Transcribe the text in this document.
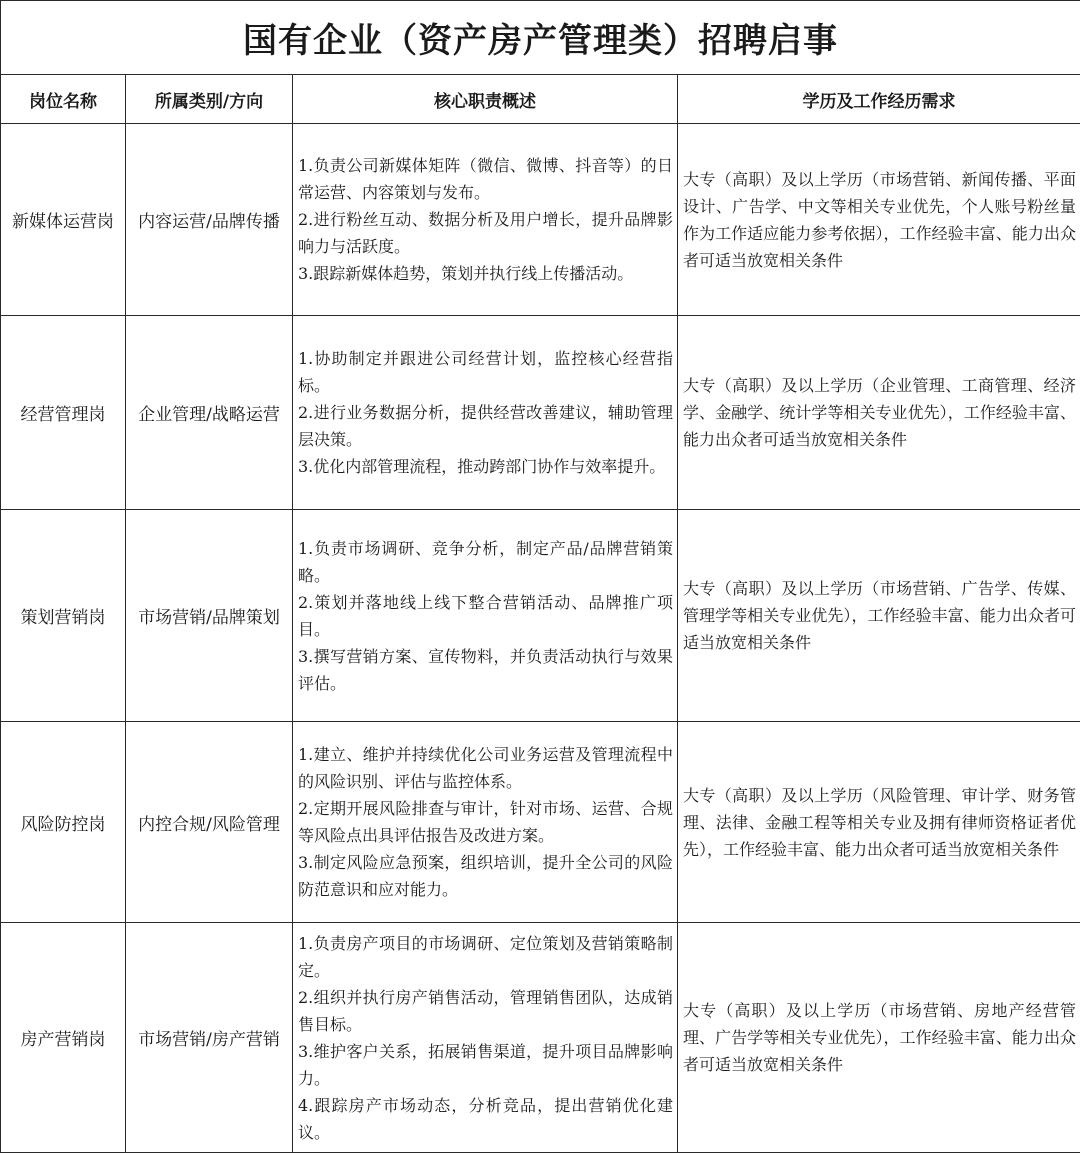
国有企业（资产房产管理类）招聘启事			
岗位名称	所属类别/方向	核心职责概述	学历及工作经历需求
新媒体运营岗	内容运营/品牌传播	1.负责公司新媒体矩阵（微信、微博、抖音等）的日常运营、内容策划与发布。
2.进行粉丝互动、数据分析及用户增长，提升品牌影响力与活跃度。
3.跟踪新媒体趋势，策划并执行线上传播活动。	大专（高职）及以上学历（市场营销、新闻传播、平面设计、广告学、中文等相关专业优先，个人账号粉丝量作为工作适应能力参考依据），工作经验丰富、能力出众者可适当放宽相关条件
经营管理岗	企业管理/战略运营	1.协助制定并跟进公司经营计划，监控核心经营指标。
2.进行业务数据分析，提供经营改善建议，辅助管理层决策。
3.优化内部管理流程，推动跨部门协作与效率提升。	大专（高职）及以上学历（企业管理、工商管理、经济学、金融学、统计学等相关专业优先），工作经验丰富、能力出众者可适当放宽相关条件
策划营销岗	市场营销/品牌策划	1.负责市场调研、竞争分析，制定产品/品牌营销策略。
2.策划并落地线上线下整合营销活动、品牌推广项目。
3.撰写营销方案、宣传物料，并负责活动执行与效果评估。	大专（高职）及以上学历（市场营销、广告学、传媒、管理学等相关专业优先），工作经验丰富、能力出众者可适当放宽相关条件
风险防控岗	内控合规/风险管理	1.建立、维护并持续优化公司业务运营及管理流程中的风险识别、评估与监控体系。
2.定期开展风险排查与审计，针对市场、运营、合规等风险点出具评估报告及改进方案。
3.制定风险应急预案，组织培训，提升全公司的风险防范意识和应对能力。	大专（高职）及以上学历（风险管理、审计学、财务管理、法律、金融工程等相关专业及拥有律师资格证者优先），工作经验丰富、能力出众者可适当放宽相关条件
房产营销岗	市场营销/房产营销	1.负责房产项目的市场调研、定位策划及营销策略制定。
2.组织并执行房产销售活动，管理销售团队，达成销售目标。
3.维护客户关系，拓展销售渠道，提升项目品牌影响力。
4.跟踪房产市场动态，分析竞品，提出营销优化建议。	大专（高职）及以上学历（市场营销、房地产经营管理、广告学等相关专业优先），工作经验丰富、能力出众者可适当放宽相关条件
